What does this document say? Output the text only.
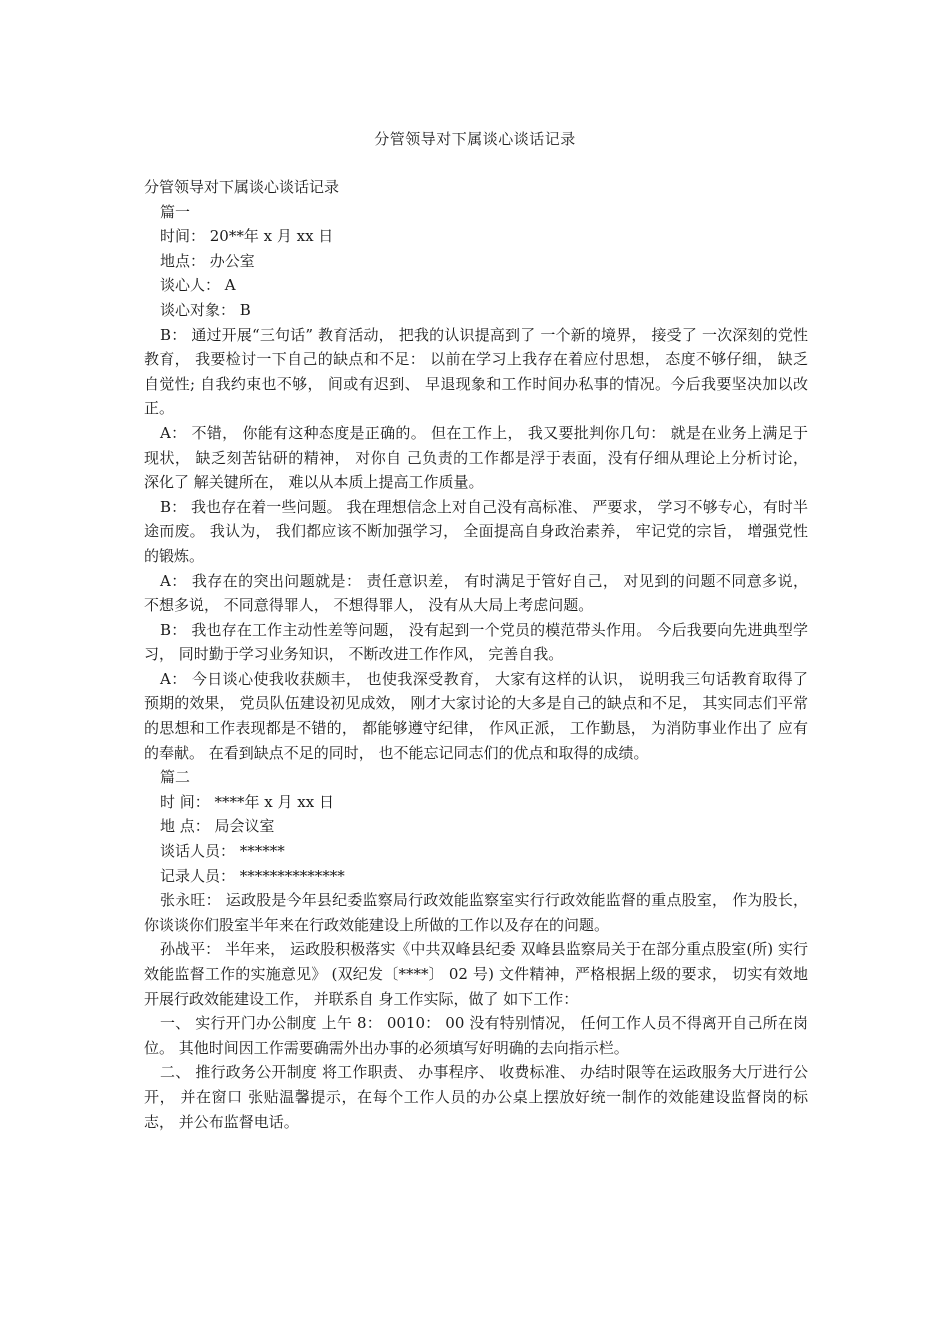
分管领导对下属谈心谈话记录

分管领导对下属谈心谈话记录

篇一

时间： 20**年 x 月 xx 日

地点： 办公室

谈心人： A

谈心对象： B

B： 通过开展“三句话” 教育活动， 把我的认识提高到了 一个新的境界， 接受了 一次深刻的党性教育， 我要检讨一下自己的缺点和不足： 以前在学习上我存在着应付思想， 态度不够仔细， 缺乏自觉性; 自我约束也不够， 间或有迟到、 早退现象和工作时间办私事的情况。今后我要坚决加以改正。

A： 不错， 你能有这种态度是正确的。 但在工作上， 我又要批判你几句： 就是在业务上满足于现状， 缺乏刻苦钻研的精神， 对你自 己负责的工作都是浮于表面，没有仔细从理论上分析讨论， 深化了 解关键所在， 难以从本质上提高工作质量。

B： 我也存在着一些问题。 我在理想信念上对自己没有高标准、 严要求， 学习不够专心，有时半途而废。 我认为， 我们都应该不断加强学习， 全面提高自身政治素养， 牢记党的宗旨， 增强党性的锻炼。

A： 我存在的突出问题就是： 责任意识差， 有时满足于管好自己， 对见到的问题不同意多说， 不想多说， 不同意得罪人， 不想得罪人， 没有从大局上考虑问题。

B： 我也存在工作主动性差等问题， 没有起到一个党员的模范带头作用。 今后我要向先进典型学习， 同时勤于学习业务知识， 不断改进工作作风， 完善自我。

A： 今日谈心使我收获颇丰， 也使我深受教育， 大家有这样的认识， 说明我三句话教育取得了 预期的效果， 党员队伍建设初见成效， 刚才大家讨论的大多是自己的缺点和不足， 其实同志们平常的思想和工作表现都是不错的， 都能够遵守纪律， 作风正派， 工作勤恳， 为消防事业作出了 应有的奉献。 在看到缺点不足的同时， 也不能忘记同志们的优点和取得的成绩。

篇二

时 间： ****年 x 月 xx 日

地 点： 局会议室

谈话人员： ******

记录人员： **************

张永旺： 运政股是今年县纪委监察局行政效能监察室实行行政效能监督的重点股室， 作为股长， 你谈谈你们股室半年来在行政效能建设上所做的工作以及存在的问题。

孙战平： 半年来， 运政股积极落实《中共双峰县纪委 双峰县监察局关于在部分重点股室(所) 实行效能监督工作的实施意见》 (双纪发〔****〕 02 号) 文件精神，严格根据上级的要求， 切实有效地开展行政效能建设工作， 并联系自 身工作实际，做了 如下工作：

一、 实行开门办公制度 上午 8： 0010： 00 没有特别情况， 任何工作人员不得离开自己所在岗位。 其他时间因工作需要确需外出办事的必须填写好明确的去向指示栏。

二、 推行政务公开制度 将工作职责、 办事程序、 收费标准、 办结时限等在运政服务大厅进行公开， 并在窗口 张贴温馨提示，在每个工作人员的办公桌上摆放好统一制作的效能建设监督岗的标志， 并公布监督电话。
